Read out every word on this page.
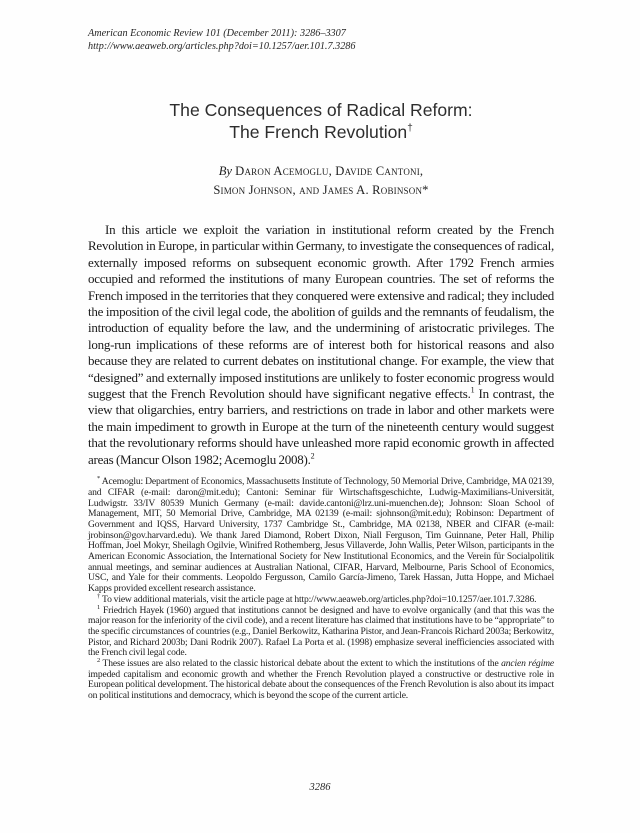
American Economic Review 101 (December 2011): 3286–3307
http://www.aeaweb.org/articles.php?doi=10.1257/aer.101.7.3286
The Consequences of Radical Reform:
The French Revolution†
By Daron Acemoglu, Davide Cantoni,
Simon Johnson, and James A. Robinson*

In this article we exploit the variation in institutional reform created by the French Revolution in Europe, in particular within Germany, to investigate the consequences of radical, externally imposed reforms on subsequent economic growth. After 1792 French armies occupied and reformed the institutions of many European countries. The set of reforms the French imposed in the territories that they conquered were extensive and radical; they included the imposition of the civil legal code, the abolition of guilds and the remnants of feudalism, the introduction of equality before the law, and the undermining of aristocratic privileges. The long-run implications of these reforms are of interest both for historical reasons and also because they are related to current debates on institutional change. For example, the view that “designed” and externally imposed institutions are unlikely to foster economic progress would suggest that the French Revolution should have significant negative effects.$^1$ In contrast, the view that oligarchies, entry barriers, and restrictions on trade in labor and other markets were the main impediment to growth in Europe at the turn of the nineteenth century would suggest that the revolutionary reforms should have unleashed more rapid economic growth in affected areas (Mancur Olson 1982; Acemoglu 2008).$^2$

* Acemoglu: Department of Economics, Massachusetts Institute of Technology, 50 Memorial Drive, Cambridge, MA 02139, and CIFAR (e-mail: daron@mit.edu); Cantoni: Seminar für Wirtschaftsgeschichte, Ludwig-Maximilians-Universität, Ludwigstr. 33/IV 80539 Munich Germany (e-mail: davide.cantoni@lrz.uni-muenchen.de); Johnson: Sloan School of Management, MIT, 50 Memorial Drive, Cambridge, MA 02139 (e-mail: sjohnson@mit.edu); Robinson: Department of Government and IQSS, Harvard University, 1737 Cambridge St., Cambridge, MA 02138, NBER and CIFAR (e-mail: jrobinson@gov.harvard.edu). We thank Jared Diamond, Robert Dixon, Niall Ferguson, Tim Guinnane, Peter Hall, Philip Hoffman, Joel Mokyr, Sheilagh Ogilvie, Winifred Rothemberg, Jesus Villaverde, John Wallis, Peter Wilson, participants in the American Economic Association, the International Society for New Institutional Economics, and the Verein für Socialpolitik annual meetings, and seminar audiences at Australian National, CIFAR, Harvard, Melbourne, Paris School of Economics, USC, and Yale for their comments. Leopoldo Fergusson, Camilo García-Jimeno, Tarek Hassan, Jutta Hoppe, and Michael Kapps provided excellent research assistance.

† To view additional materials, visit the article page at http://www.aeaweb.org/articles.php?doi=10.1257/aer.101.7.3286.

$^1$ Friedrich Hayek (1960) argued that institutions cannot be designed and have to evolve organically (and that this was the major reason for the inferiority of the civil code), and a recent literature has claimed that institutions have to be “appropriate” to the specific circumstances of countries (e.g., Daniel Berkowitz, Katharina Pistor, and Jean-Francois Richard 2003a; Berkowitz, Pistor, and Richard 2003b; Dani Rodrik 2007). Rafael La Porta et al. (1998) emphasize several inefficiencies associated with the French civil legal code.

$^2$ These issues are also related to the classic historical debate about the extent to which the institutions of the ancien régime impeded capitalism and economic growth and whether the French Revolution played a constructive or destructive role in European political development. The historical debate about the consequences of the French Revolution is also about its impact on political institutions and democracy, which is beyond the scope of the current article.

3286
